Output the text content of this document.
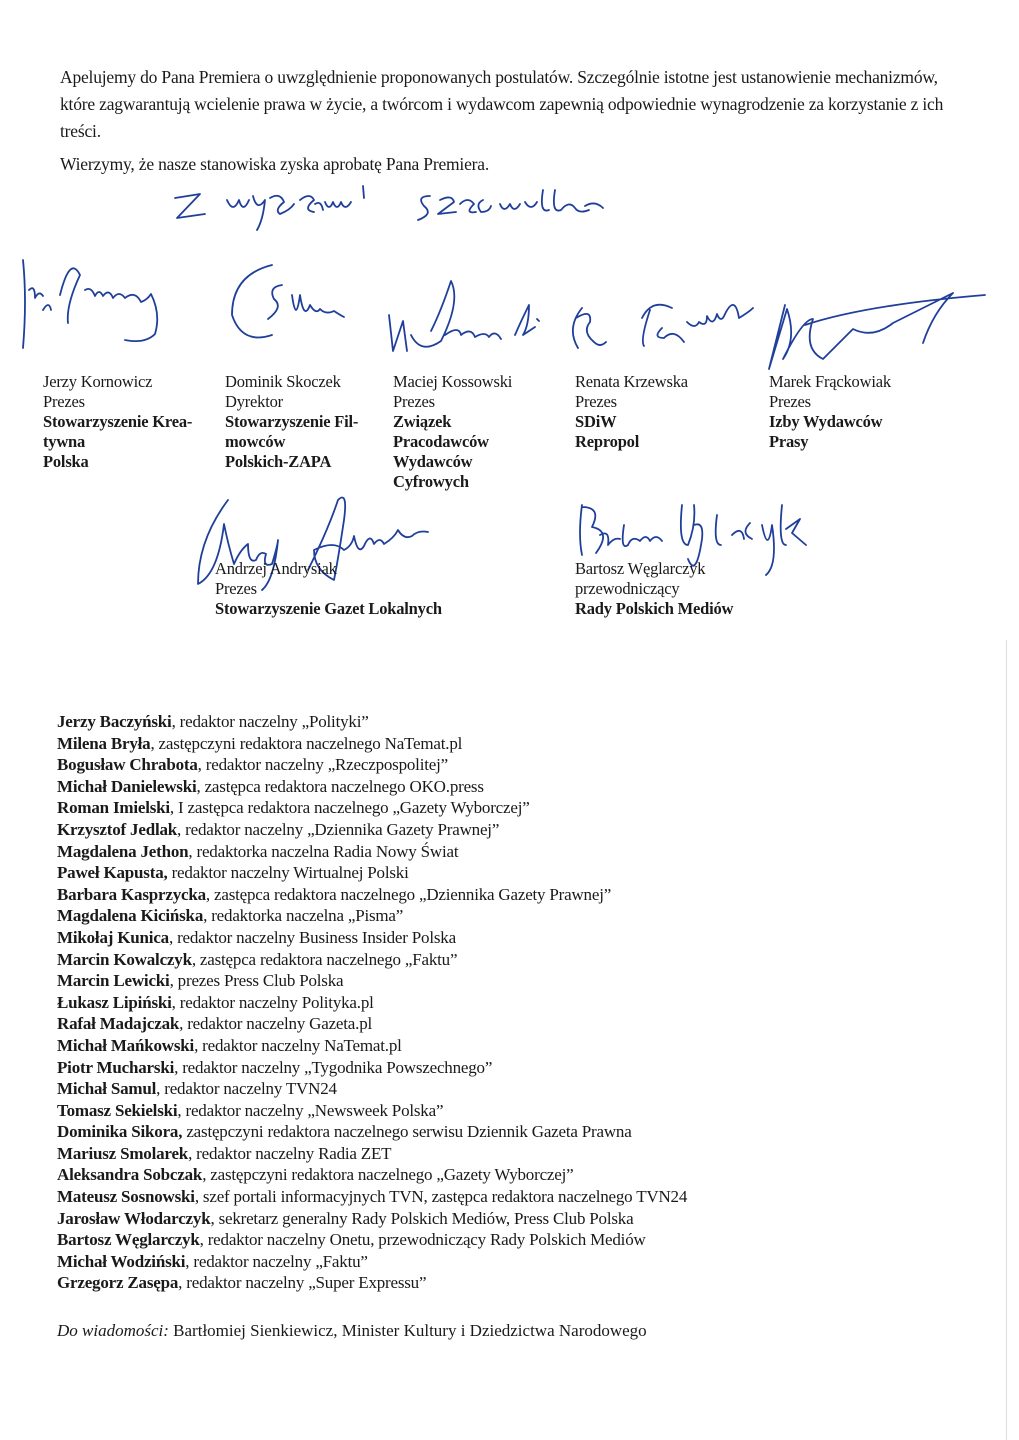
Apelujemy do Pana Premiera o uwzględnienie proponowanych postulatów. Szczególnie istotne jest ustanowienie mechanizmów, które zagwarantują wcielenie prawa w życie, a twórcom i wydawcom zapewnią odpowiednie wynagrodzenie za korzystanie z ich treści.
Wierzymy, że nasze stanowiska zyska aprobatę Pana Premiera.
Jerzy Kornowicz
Prezes
Stowarzyszenie Krea-
tywna
Polska
Dominik Skoczek
Dyrektor
Stowarzyszenie Fil-
mowców
Polskich-ZAPA
Maciej Kossowski
Prezes
Związek
Pracodawców
Wydawców
Cyfrowych
Renata Krzewska
Prezes
SDiW
Repropol
Marek Frąckowiak
Prezes
Izby Wydawców
Prasy
Andrzej Andrysiak
Prezes
Stowarzyszenie Gazet Lokalnych
Bartosz Węglarczyk
przewodniczący
Rady Polskich Mediów
Jerzy Baczyński, redaktor naczelny „Polityki”
Milena Bryła, zastępczyni redaktora naczelnego NaTemat.pl
Bogusław Chrabota, redaktor naczelny „Rzeczpospolitej”
Michał Danielewski, zastępca redaktora naczelnego OKO.press
Roman Imielski, I zastępca redaktora naczelnego „Gazety Wyborczej”
Krzysztof Jedlak, redaktor naczelny „Dziennika Gazety Prawnej”
Magdalena Jethon, redaktorka naczelna Radia Nowy Świat
Paweł Kapusta, redaktor naczelny Wirtualnej Polski
Barbara Kasprzycka, zastępca redaktora naczelnego „Dziennika Gazety Prawnej”
Magdalena Kicińska, redaktorka naczelna „Pisma”
Mikołaj Kunica, redaktor naczelny Business Insider Polska
Marcin Kowalczyk, zastępca redaktora naczelnego „Faktu”
Marcin Lewicki, prezes Press Club Polska
Łukasz Lipiński, redaktor naczelny Polityka.pl
Rafał Madajczak, redaktor naczelny Gazeta.pl
Michał Mańkowski, redaktor naczelny NaTemat.pl
Piotr Mucharski, redaktor naczelny „Tygodnika Powszechnego”
Michał Samul, redaktor naczelny TVN24
Tomasz Sekielski, redaktor naczelny „Newsweek Polska”
Dominika Sikora, zastępczyni redaktora naczelnego serwisu Dziennik Gazeta Prawna
Mariusz Smolarek, redaktor naczelny Radia ZET
Aleksandra Sobczak, zastępczyni redaktora naczelnego „Gazety Wyborczej”
Mateusz Sosnowski, szef portali informacyjnych TVN, zastępca redaktora naczelnego TVN24
Jarosław Włodarczyk, sekretarz generalny Rady Polskich Mediów, Press Club Polska
Bartosz Węglarczyk, redaktor naczelny Onetu, przewodniczący Rady Polskich Mediów
Michał Wodziński, redaktor naczelny „Faktu”
Grzegorz Zasępa, redaktor naczelny „Super Expressu”
Do wiadomości: Bartłomiej Sienkiewicz, Minister Kultury i Dziedzictwa Narodowego
